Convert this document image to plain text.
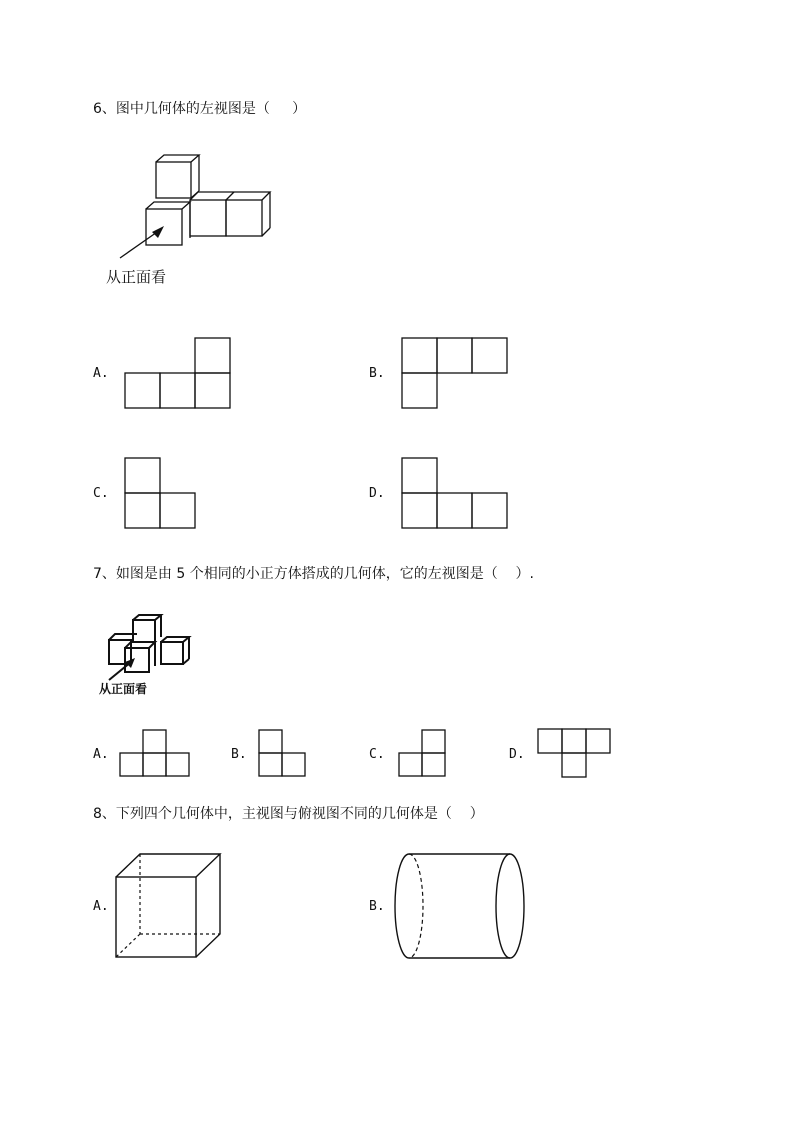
6、图中几何体的左视图是（     ）
从正面看
A.	B.
C.	D.
7、如图是由 5 个相同的小正方体搭成的几何体，它的左视图是（    ）.
从正面看
A.	B.	C.	D.
8、下列四个几何体中，主视图与俯视图不同的几何体是（    ）
A.	B.
